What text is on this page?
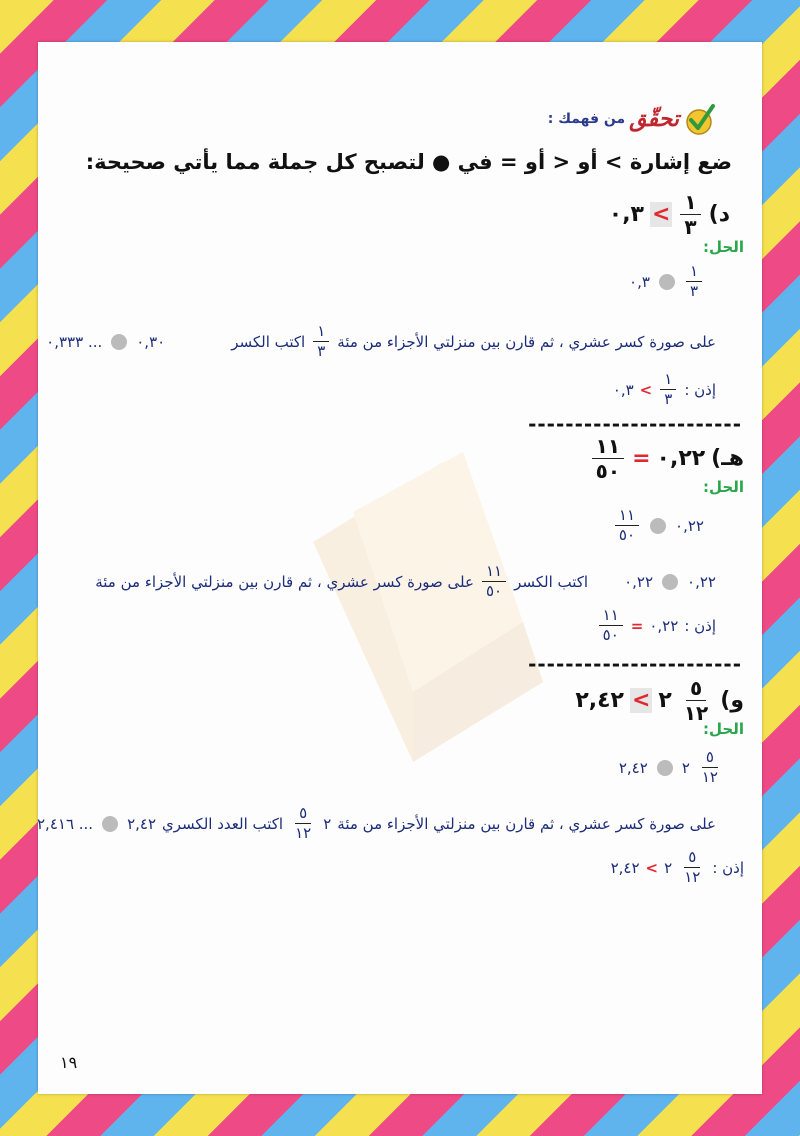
تحقّق
من فهمك :
ضع إشارة > أو < أو = في ● لتصبح كل جملة مما يأتي صحيحة:
د)
$\frac{١}{٣}$
>
٠,٣
الحل:
$\frac{١}{٣}$
٠,٣
على صورة كسر عشري ، ثم قارن بين منزلتي الأجزاء من مئة
$\frac{١}{٣}$
اكتب الكسر
٠,٣٠
... ٠,٣٣٣
إذن :
$\frac{١}{٣}$
>
٠,٣
-----------------------
هـ)
٠,٢٢
=
$\frac{١١}{٥٠}$
الحل:
٠,٢٢
$\frac{١١}{٥٠}$
٠,٢٢
٠,٢٢
اكتب الكسر
$\frac{١١}{٥٠}$
على صورة كسر عشري ، ثم قارن بين منزلتي الأجزاء من مئة
إذن :
٠,٢٢
=
$\frac{١١}{٥٠}$
-----------------------
و)
$\frac{٥}{١٢}$
٢
>
٢,٤٢
الحل:
$\frac{٥}{١٢}$
٢
٢,٤٢
على صورة كسر عشري ، ثم قارن بين منزلتي الأجزاء من مئة
٢
$\frac{٥}{١٢}$
اكتب العدد الكسري
٢,٤٢
... ٢,٤١٦
إذن :
$\frac{٥}{١٢}$
٢
>
٢,٤٢
١٩
